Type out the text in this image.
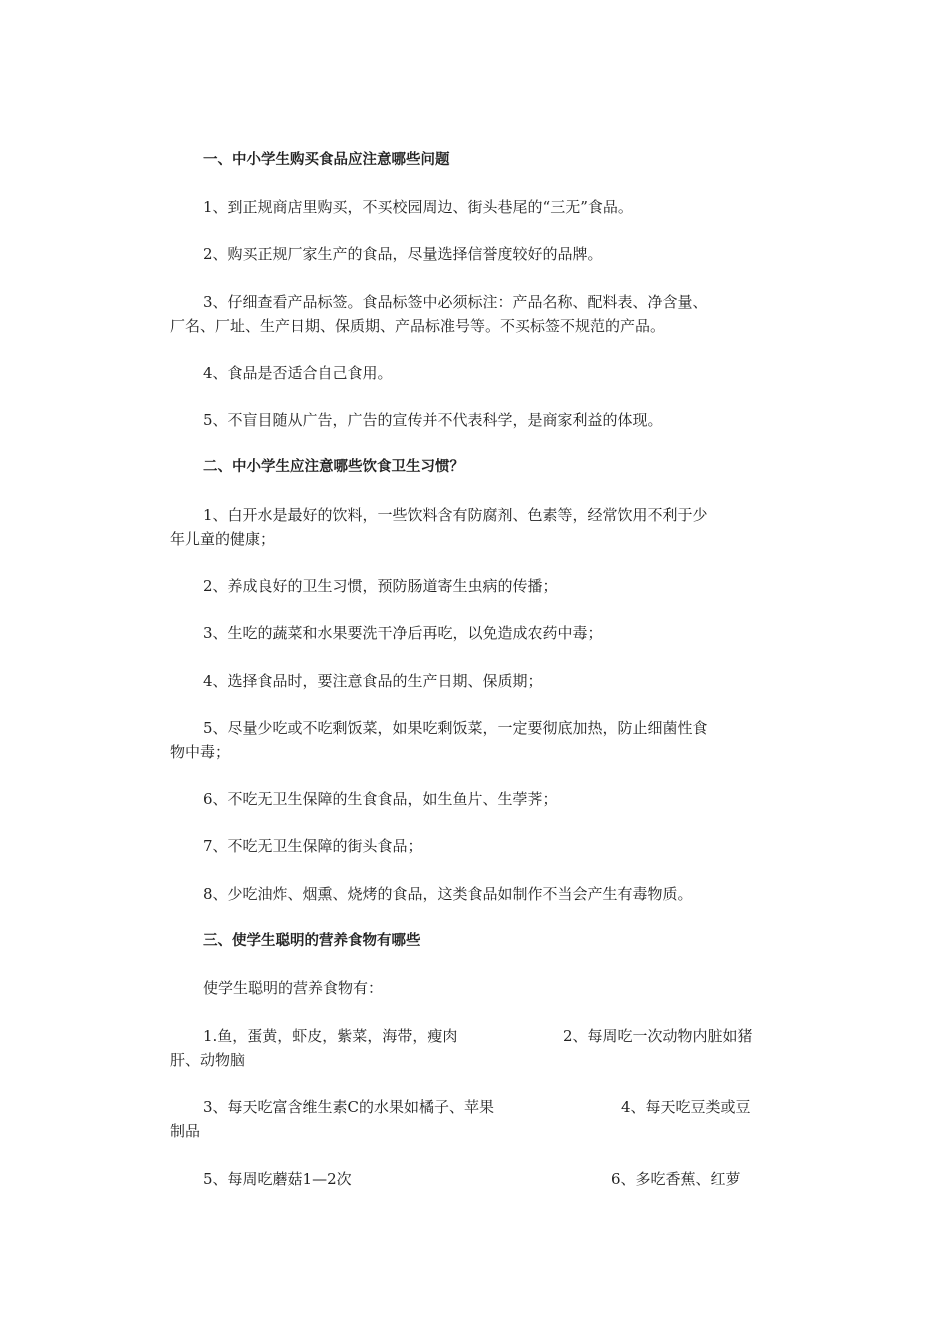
一、中小学生购买食品应注意哪些问题
1、到正规商店里购买，不买校园周边、街头巷尾的“三无”食品。
2、购买正规厂家生产的食品，尽量选择信誉度较好的品牌。
3、仔细查看产品标签。食品标签中必须标注：产品名称、配料表、净含量、
厂名、厂址、生产日期、保质期、产品标准号等。不买标签不规范的产品。
4、食品是否适合自己食用。
5、不盲目随从广告，广告的宣传并不代表科学，是商家利益的体现。
二、中小学生应注意哪些饮食卫生习惯？
1、白开水是最好的饮料，一些饮料含有防腐剂、色素等，经常饮用不利于少
年儿童的健康；
2、养成良好的卫生习惯，预防肠道寄生虫病的传播；
3、生吃的蔬菜和水果要洗干净后再吃，以免造成农药中毒；
4、选择食品时，要注意食品的生产日期、保质期；
5、尽量少吃或不吃剩饭菜，如果吃剩饭菜，一定要彻底加热，防止细菌性食
物中毒；
6、不吃无卫生保障的生食食品，如生鱼片、生荸荠；
7、不吃无卫生保障的街头食品；
8、少吃油炸、烟熏、烧烤的食品，这类食品如制作不当会产生有毒物质。
三、使学生聪明的营养食物有哪些
使学生聪明的营养食物有：
1.鱼，蛋黄，虾皮，紫菜，海带，瘦肉	2、每周吃一次动物内脏如猪
肝、动物脑
3、每天吃富含维生素C的水果如橘子、苹果	4、每天吃豆类或豆
制品
5、每周吃蘑菇1—2次	6、多吃香蕉、红萝
